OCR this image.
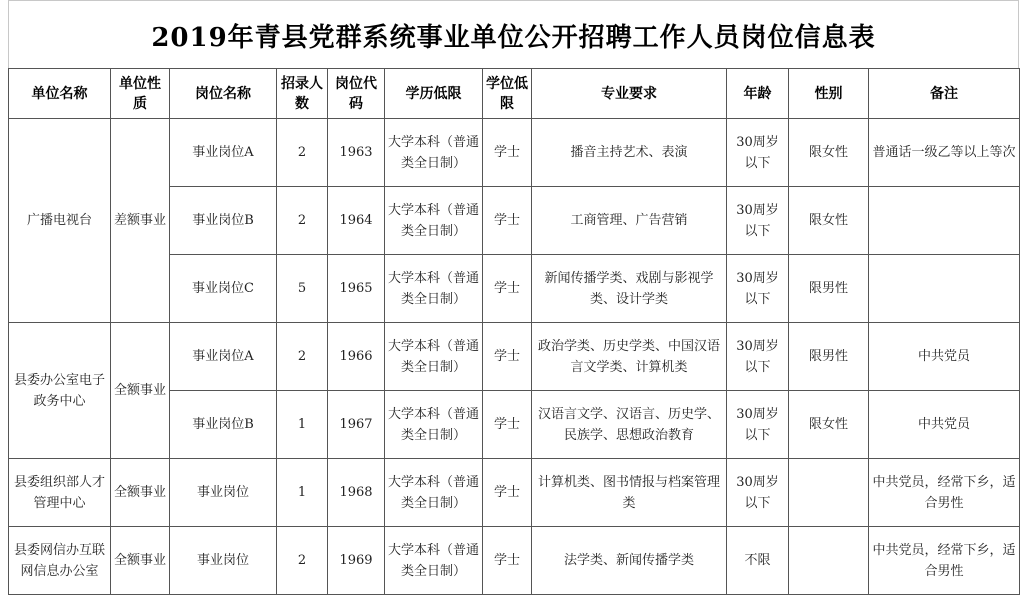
2019年青县党群系统事业单位公开招聘工作人员岗位信息表
单位名称	单位性质	岗位名称	招录人数	岗位代码	学历低限	学位低限	专业要求	年龄	性别	备注
广播电视台	差额事业	事业岗位A	2	1963	大学本科（普通类全日制）	学士	播音主持艺术、表演	30周岁以下	限女性	普通话一级乙等以上等次
		事业岗位B	2	1964	大学本科（普通类全日制）	学士	工商管理、广告营销	30周岁以下	限女性	
		事业岗位C	5	1965	大学本科（普通类全日制）	学士	新闻传播学类、戏剧与影视学类、设计学类	30周岁以下	限男性	
县委办公室电子政务中心	全额事业	事业岗位A	2	1966	大学本科（普通类全日制）	学士	政治学类、历史学类、中国汉语言文学类、计算机类	30周岁以下	限男性	中共党员
		事业岗位B	1	1967	大学本科（普通类全日制）	学士	汉语言文学、汉语言、历史学、民族学、思想政治教育	30周岁以下	限女性	中共党员
县委组织部人才管理中心	全额事业	事业岗位	1	1968	大学本科（普通类全日制）	学士	计算机类、图书情报与档案管理类	30周岁以下		中共党员，经常下乡，适合男性
县委网信办互联网信息办公室	全额事业	事业岗位	2	1969	大学本科（普通类全日制）	学士	法学类、新闻传播学类	不限		中共党员，经常下乡，适合男性
